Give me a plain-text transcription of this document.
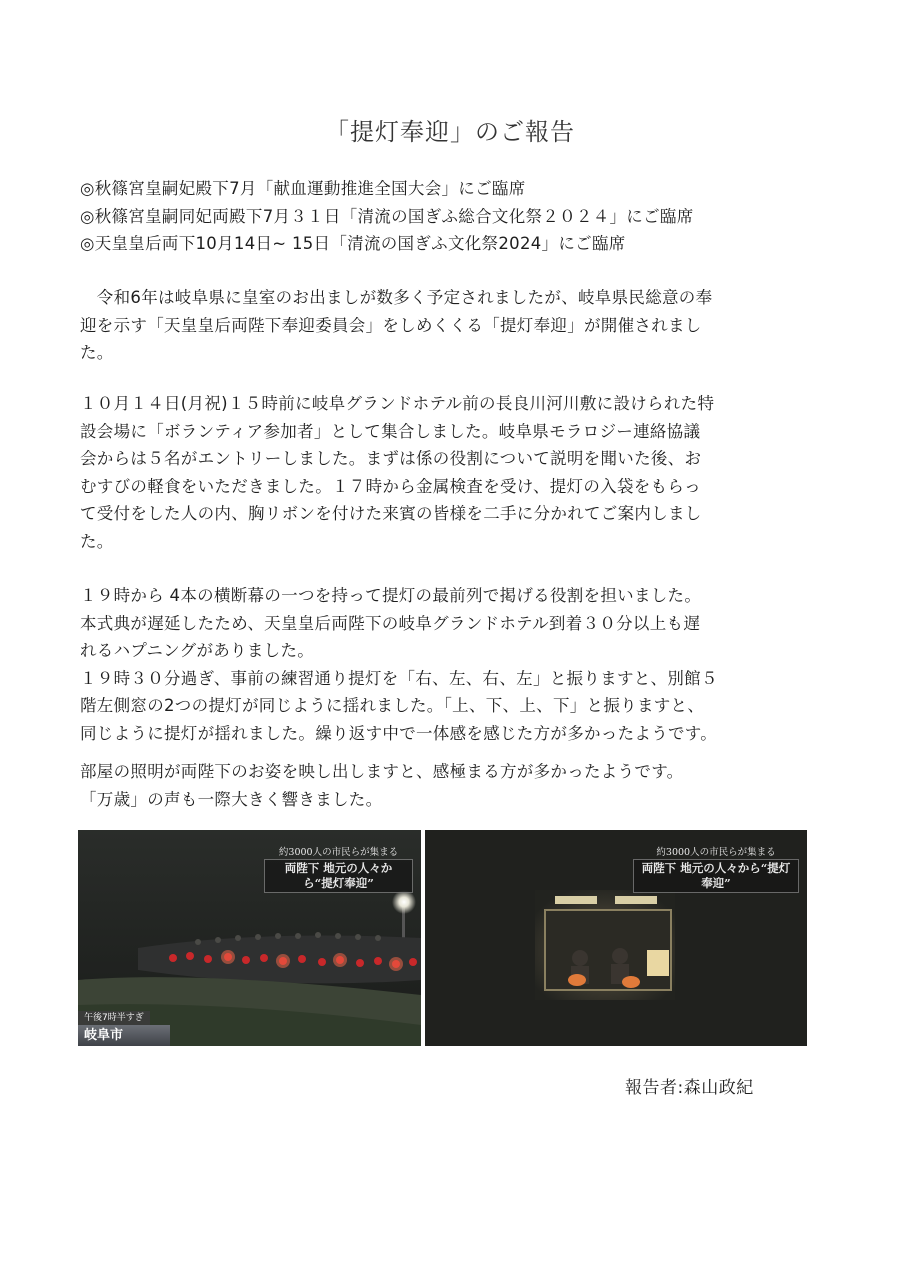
「提灯奉迎」のご報告

◎秋篠宮皇嗣妃殿下7月「献血運動推進全国大会」にご臨席

◎秋篠宮皇嗣同妃両殿下7月３１日「清流の国ぎふ総合文化祭２０２４」にご臨席

◎天皇皇后両下10月14日~ 15日「清流の国ぎふ文化祭2024」にご臨席

　令和6年は岐阜県に皇室のお出ましが数多く予定されましたが、岐阜県民総意の奉

迎を示す「天皇皇后両陛下奉迎委員会」をしめくくる「提灯奉迎」が開催されまし

た。

１０月１４日(月祝)１５時前に岐阜グランドホテル前の長良川河川敷に設けられた特

設会場に「ボランティア参加者」として集合しました。岐阜県モラロジー連絡協議

会からは５名がエントリーしました。まずは係の役割について説明を聞いた後、お

むすびの軽食をいただきました。１７時から金属検査を受け、提灯の入袋をもらっ

て受付をした人の内、胸リボンを付けた来賓の皆様を二手に分かれてご案内しまし

た。

１９時から 4本の横断幕の一つを持って提灯の最前列で掲げる役割を担いました。

本式典が遅延したため、天皇皇后両陛下の岐阜グランドホテル到着３０分以上も遅

れるハプニングがありました。

１９時３０分過ぎ、事前の練習通り提灯を「右、左、右、左」と振りますと、別館５

階左側窓の2つの提灯が同じように揺れました。「上、下、上、下」と振りますと、

同じように提灯が揺れました。繰り返す中で一体感を感じた方が多かったようです。

部屋の照明が両陛下のお姿を映し出しますと、感極まる方が多かったようです。

「万歳」の声も一際大きく響きました。

約3000人の市民らが集まる
両陛下 地元の人々から“提灯奉迎”
午後7時半すぎ
岐阜市
約3000人の市民らが集まる
両陛下 地元の人々から“提灯奉迎”
報告者:森山政紀
